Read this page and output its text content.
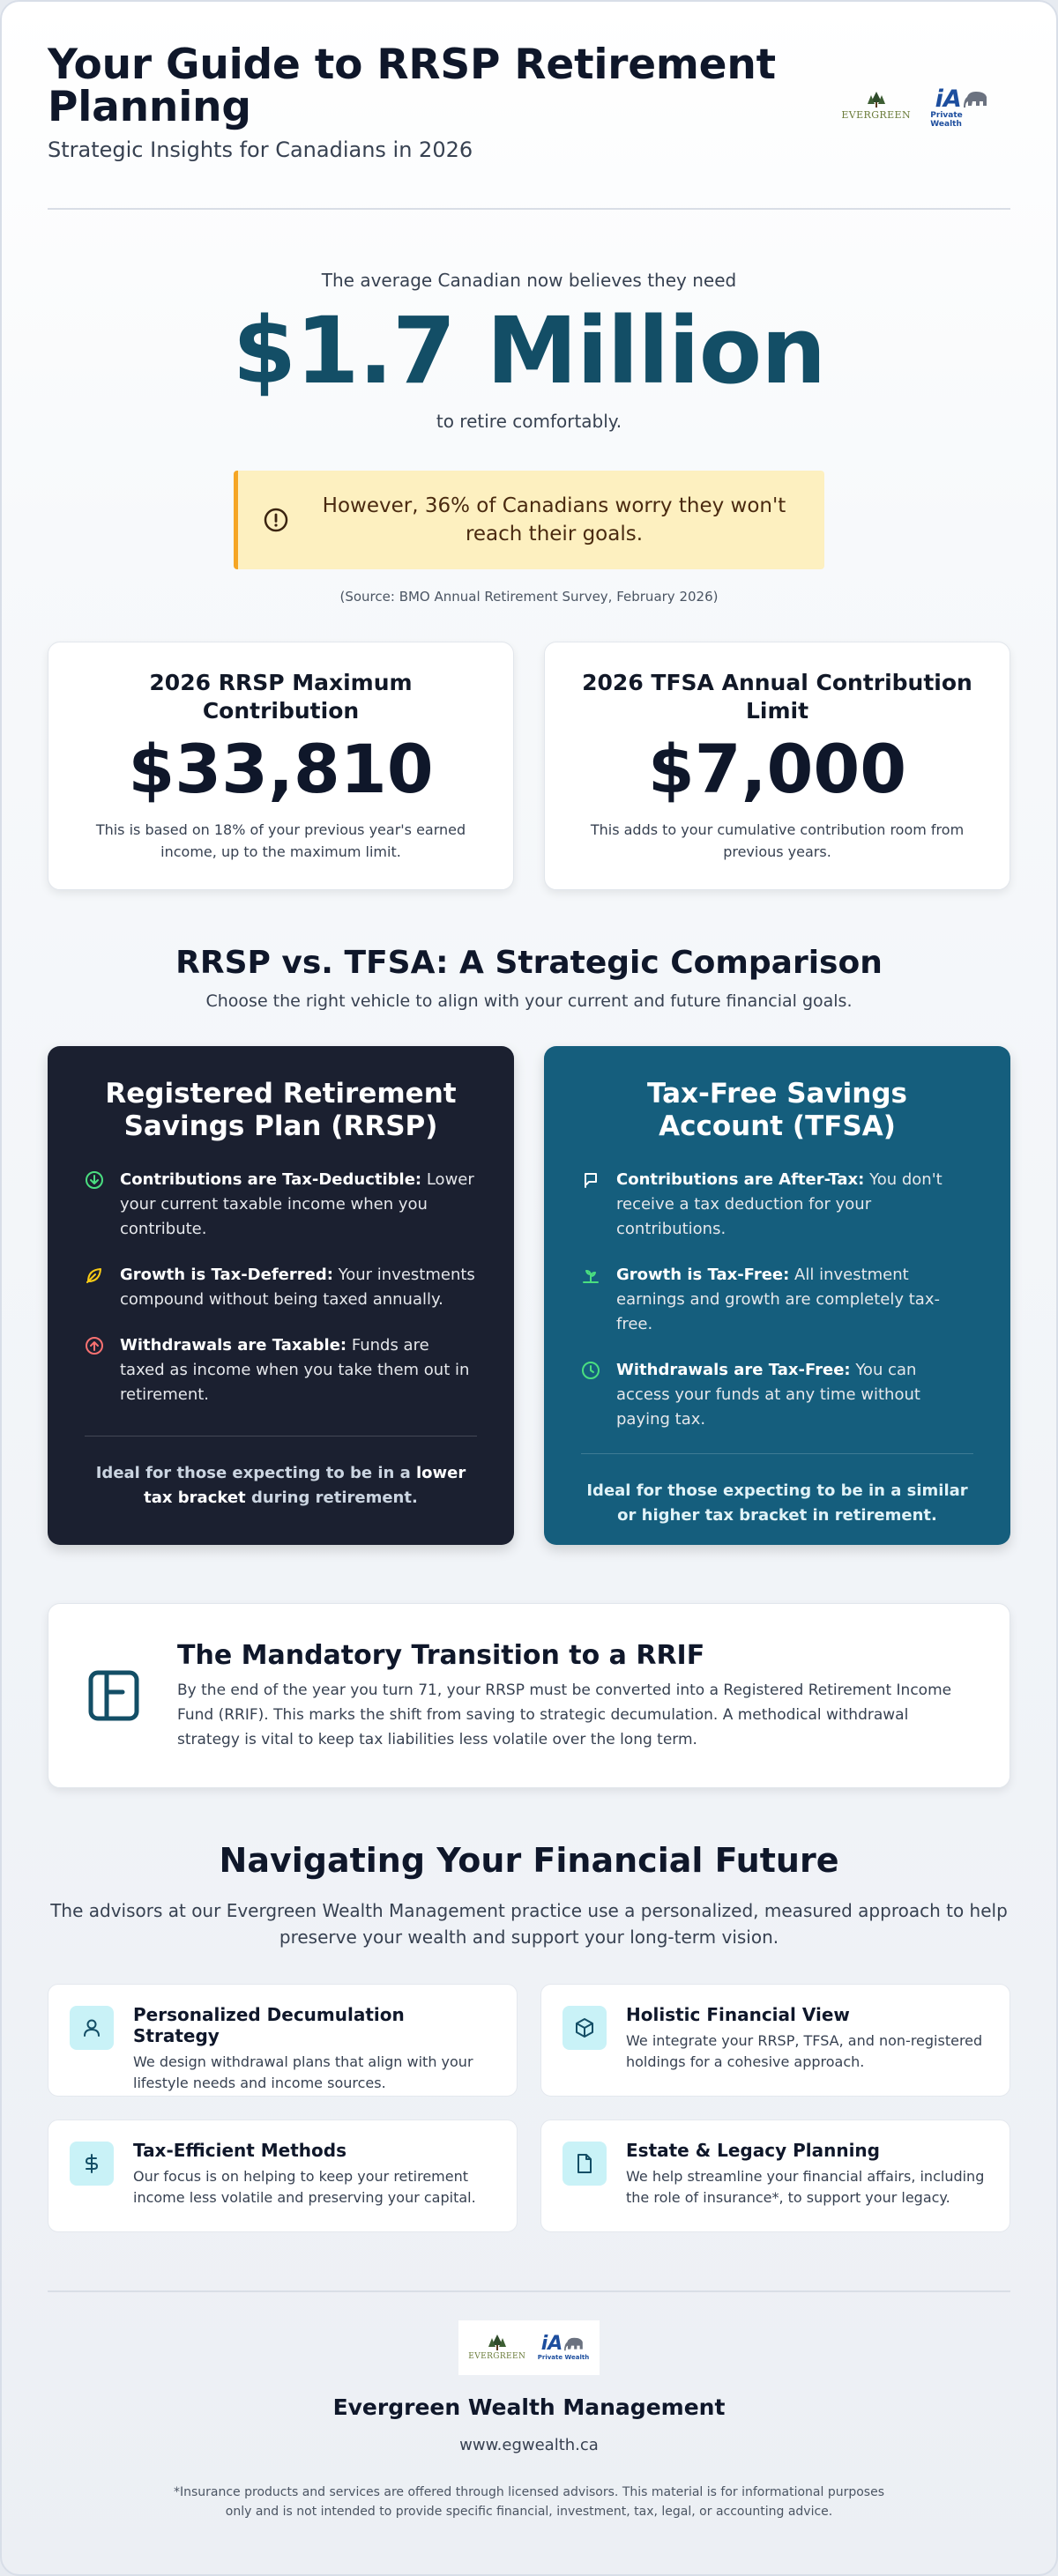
Your Guide to RRSP Retirement Planning
Strategic Insights for Canadians in 2026
EVERGREEN

iA
Private Wealth
The average Canadian now believes they need
$1.7 Million
to retire comfortably.
However, 36% of Canadians worry they won't reach their goals.
(Source: BMO Annual Retirement Survey, February 2026)
2026 RRSP Maximum Contribution
$33,810

This is based on 18% of your previous year's earned income, up to the maximum limit.

2026 TFSA Annual Contribution Limit
$7,000

This adds to your cumulative contribution room from previous years.

RRSP vs. TFSA: A Strategic Comparison

Choose the right vehicle to align with your current and future financial goals.

Registered Retirement Savings Plan (RRSP)
Contributions are Tax-Deductible: Lower your current taxable income when you contribute.
Growth is Tax-Deferred: Your investments compound without being taxed annually.
Withdrawals are Taxable: Funds are taxed as income when you take them out in retirement.
Ideal for those expecting to be in a lower tax bracket during retirement.
Tax-Free Savings Account (TFSA)
Contributions are After-Tax: You don't receive a tax deduction for your contributions.
Growth is Tax-Free: All investment earnings and growth are completely tax-free.
Withdrawals are Tax-Free: You can access your funds at any time without paying tax.
Ideal for those expecting to be in a similar or higher tax bracket in retirement.
The Mandatory Transition to a RRIF

By the end of the year you turn 71, your RRSP must be converted into a Registered Retirement Income Fund (RRIF). This marks the shift from saving to strategic decumulation. A methodical withdrawal strategy is vital to keep tax liabilities less volatile over the long term.

Navigating Your Financial Future

The advisors at our Evergreen Wealth Management practice use a personalized, measured approach to help preserve your wealth and support your long-term vision.

Personalized Decumulation Strategy

We design withdrawal plans that align with your lifestyle needs and income sources.

Holistic Financial View

We integrate your RRSP, TFSA, and non-registered holdings for a cohesive approach.

Tax-Efficient Methods

Our focus is on helping to keep your retirement income less volatile and preserving your capital.

Estate & Legacy Planning

We help streamline your financial affairs, including the role of insurance*, to support your legacy.

EVERGREEN
iA
Private Wealth
Evergreen Wealth Management
www.egwealth.ca

*Insurance products and services are offered through licensed advisors. This material is for informational purposes only and is not intended to provide specific financial, investment, tax, legal, or accounting advice.
